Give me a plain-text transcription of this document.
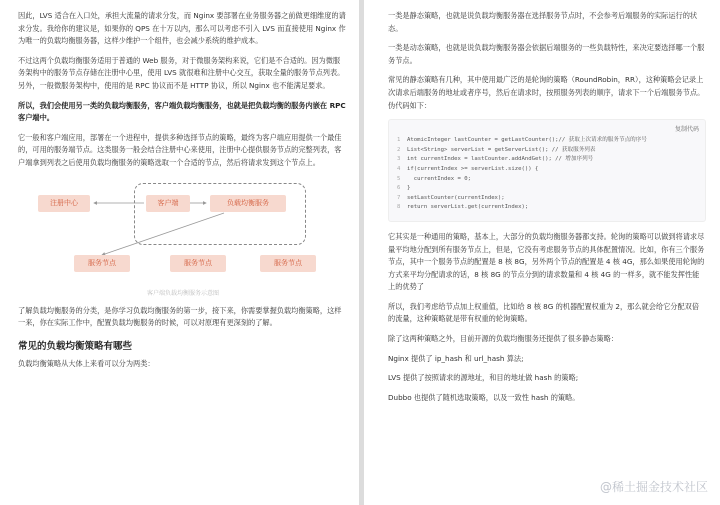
因此，LVS 适合在入口处，承担大流量的请求分发，而 Nginx 要部署在业务服务器之前做更细维度的请求分发。我给你的建议是，如果你的 QPS 在十万以内，那么可以考虑不引入 LVS 而直接使用 Nginx 作为唯一的负载均衡服务器，这样少维护一个组件，也会减少系统的维护成本。

不过这两个负载均衡服务适用于普通的 Web 服务，对于微服务架构来说，它们是不合适的。因为微服务架构中的服务节点存储在注册中心里，使用 LVS 就很难和注册中心交互，获取全量的服务节点列表。另外，一般微服务架构中，使用的是 RPC 协议而不是 HTTP 协议，所以 Nginx 也不能满足要求。

所以，我们会使用另一类的负载均衡服务，客户端负载均衡服务，也就是把负载均衡的服务内嵌在 RPC 客户端中。

它一般和客户端应用，部署在一个进程中，提供多种选择节点的策略，最终为客户端应用提供一个最佳的，可用的服务端节点。这类服务一般会结合注册中心来使用，注册中心提供服务节点的完整列表，客户端拿到列表之后使用负载均衡服务的策略选取一个合适的节点，然后将请求发到这个节点上。

注册中心	客户端	负载均衡服务
服务节点	服务节点	服务节点
客户端负载均衡服务示意图

了解负载均衡服务的分类，是你学习负载均衡服务的第一步，接下来，你需要掌握负载均衡策略，这样一来，你在实际工作中，配置负载均衡服务的时候，可以对原理有更深刻的了解。

常见的负载均衡策略有哪些

负载均衡策略从大体上来看可以分为两类：

一类是静态策略，也就是说负载均衡服务器在选择服务节点时，不会参考后端服务的实际运行的状态。

一类是动态策略，也就是说负载均衡服务器会依据后端服务的一些负载特性，来决定要选择哪一个服务节点。

常见的静态策略有几种，其中使用最广泛的是轮询的策略（RoundRobin，RR），这种策略会记录上次请求后端服务的地址或者序号，然后在请求时，按照服务列表的顺序，请求下一个后端服务节点。伪代码如下：

复制代码
1 AtomicInteger lastCounter = getLastCounter();// 获取上次请求的服务节点的序号
2 List<String> serverList = getServerList(); // 获取服务列表
3 int currentIndex = lastCounter.addAndGet(); // 增加序列号
4 if(currentIndex >= serverList.size()) {
5  currentIndex = 0;
6 }
7 setLastCounter(currentIndex);
8 return serverList.get(currentIndex);

它其实是一种通用的策略，基本上，大部分的负载均衡服务器都支持。轮询的策略可以做到将请求尽量平均地分配到所有服务节点上，但是，它没有考虑服务节点的具体配置情况。比如，你有三个服务节点，其中一个服务节点的配置是 8 核 8G，另外两个节点的配置是 4 核 4G，那么如果使用轮询的方式来平均分配请求的话，8 核 8G 的节点分到的请求数量和 4 核 4G 的一样多，就不能发挥性能上的优势了

所以，我们考虑给节点加上权重值，比如给 8 核 8G 的机器配置权重为 2，那么就会给它分配双倍的流量，这种策略就是带有权重的轮询策略。

除了这两种策略之外，目前开源的负载均衡服务还提供了很多静态策略：

Nginx 提供了 ip_hash 和 url_hash 算法;

LVS 提供了按照请求的源地址，和目的地址做 hash 的策略;

Dubbo 也提供了随机选取策略，以及一致性 hash 的策略。

@稀土掘金技术社区
